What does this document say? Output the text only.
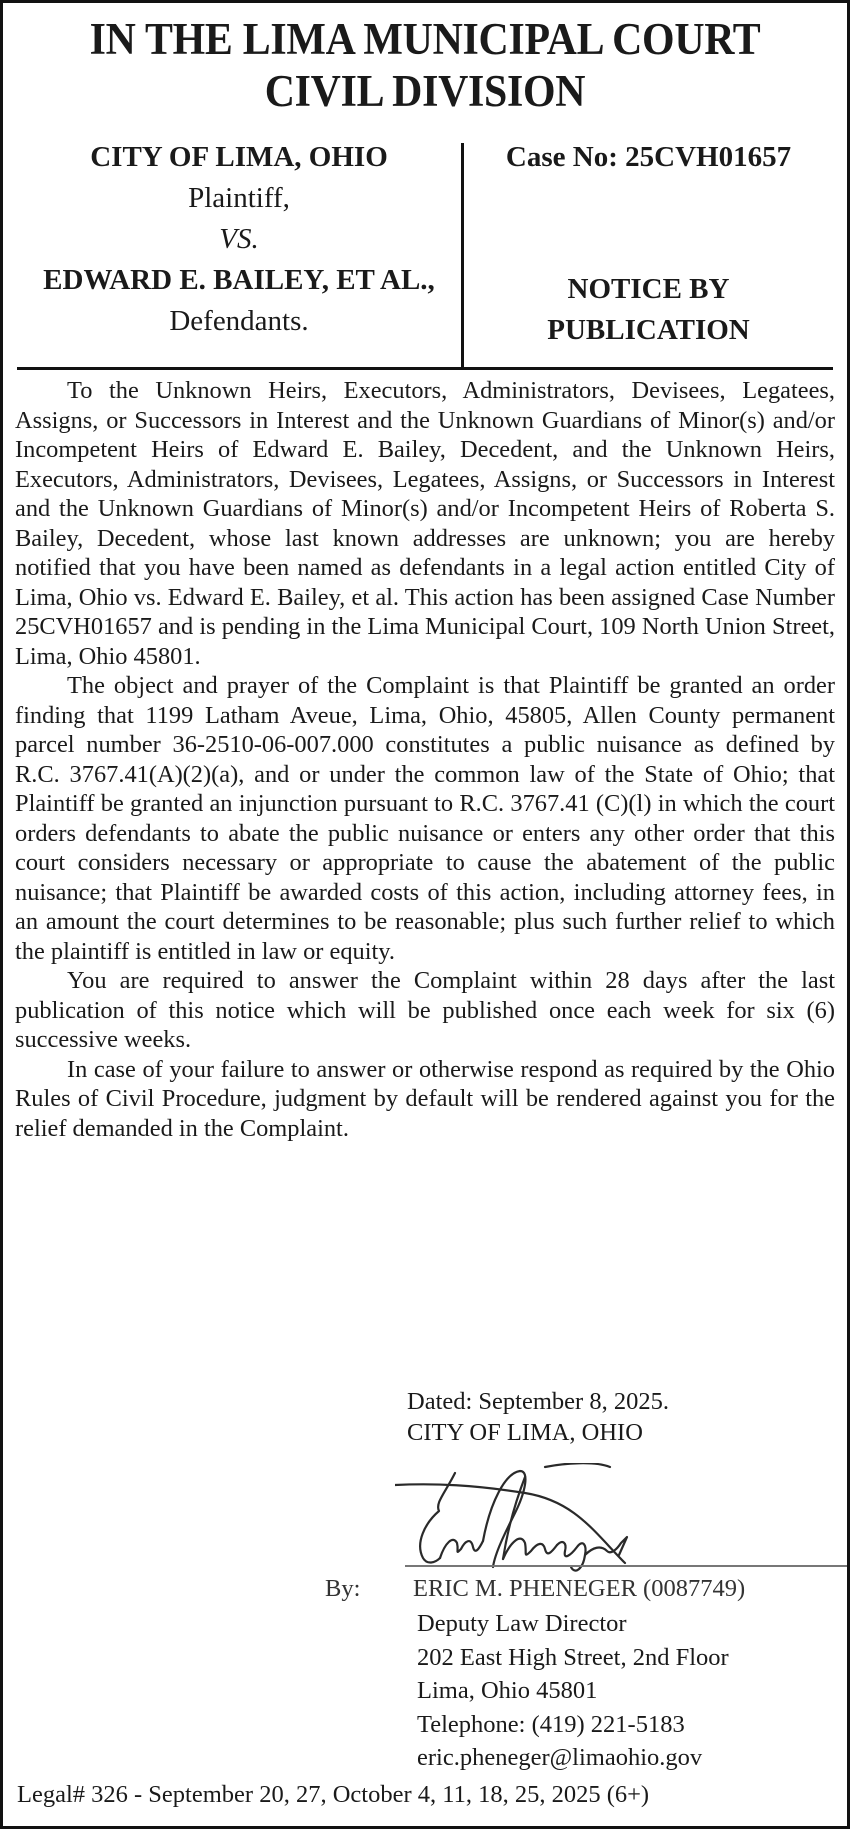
IN THE LIMA MUNICIPAL COURT
CIVIL DIVISION
CITY OF LIMA, OHIO
Plaintiff,
VS.
EDWARD E. BAILEY, ET AL.,
Defendants.
Case No: 25CVH01657
NOTICE BY
PUBLICATION

To the Unknown Heirs, Executors, Administrators, Devisees, Legatees, Assigns, or Successors in Interest and the Unknown Guardians of Minor(s) and/or Incompetent Heirs of Edward E. Bailey, Decedent, and the Unknown Heirs, Executors, Administrators, Devisees, Legatees, Assigns, or Successors in Interest and the Unknown Guardians of Minor(s) and/or Incompetent Heirs of Roberta S. Bailey, Decedent, whose last known addresses are unknown; you are hereby notified that you have been named as defendants in a legal action entitled City of Lima, Ohio vs. Edward E. Bailey, et al. This action has been assigned Case Number 25CVH01657 and is pending in the Lima Municipal Court, 109 North Union Street, Lima, Ohio 45801.

The object and prayer of the Complaint is that Plaintiff be granted an order finding that 1199 Latham Aveue, Lima, Ohio, 45805, Allen County permanent parcel number 36-2510-06-007.000 constitutes a public nuisance as defined by R.C. 3767.41(A)(2)(a), and or under the common law of the State of Ohio; that Plaintiff be granted an injunction pursuant to R.C. 3767.41 (C)(l) in which the court orders defendants to abate the public nuisance or enters any other order that this court considers necessary or appropriate to cause the abatement of the public nuisance; that Plaintiff be awarded costs of this action, including attorney fees, in an amount the court determines to be reasonable; plus such further relief to which the plaintiff is entitled in law or equity.

You are required to answer the Complaint within 28 days after the last publication of this notice which will be published once each week for six (6) successive weeks.

In case of your failure to answer or otherwise respond as required by the Ohio Rules of Civil Procedure, judgment by default will be rendered against you for the relief demanded in the Complaint.

Dated: September 8, 2025.
CITY OF LIMA, OHIO
By: ERIC M. PHENEGER (0087749)
Deputy Law Director
202 East High Street, 2nd Floor
Lima, Ohio 45801
Telephone: (419) 221-5183
eric.pheneger@limaohio.gov
Legal# 326 - September 20, 27, October 4, 11, 18, 25, 2025 (6+)
